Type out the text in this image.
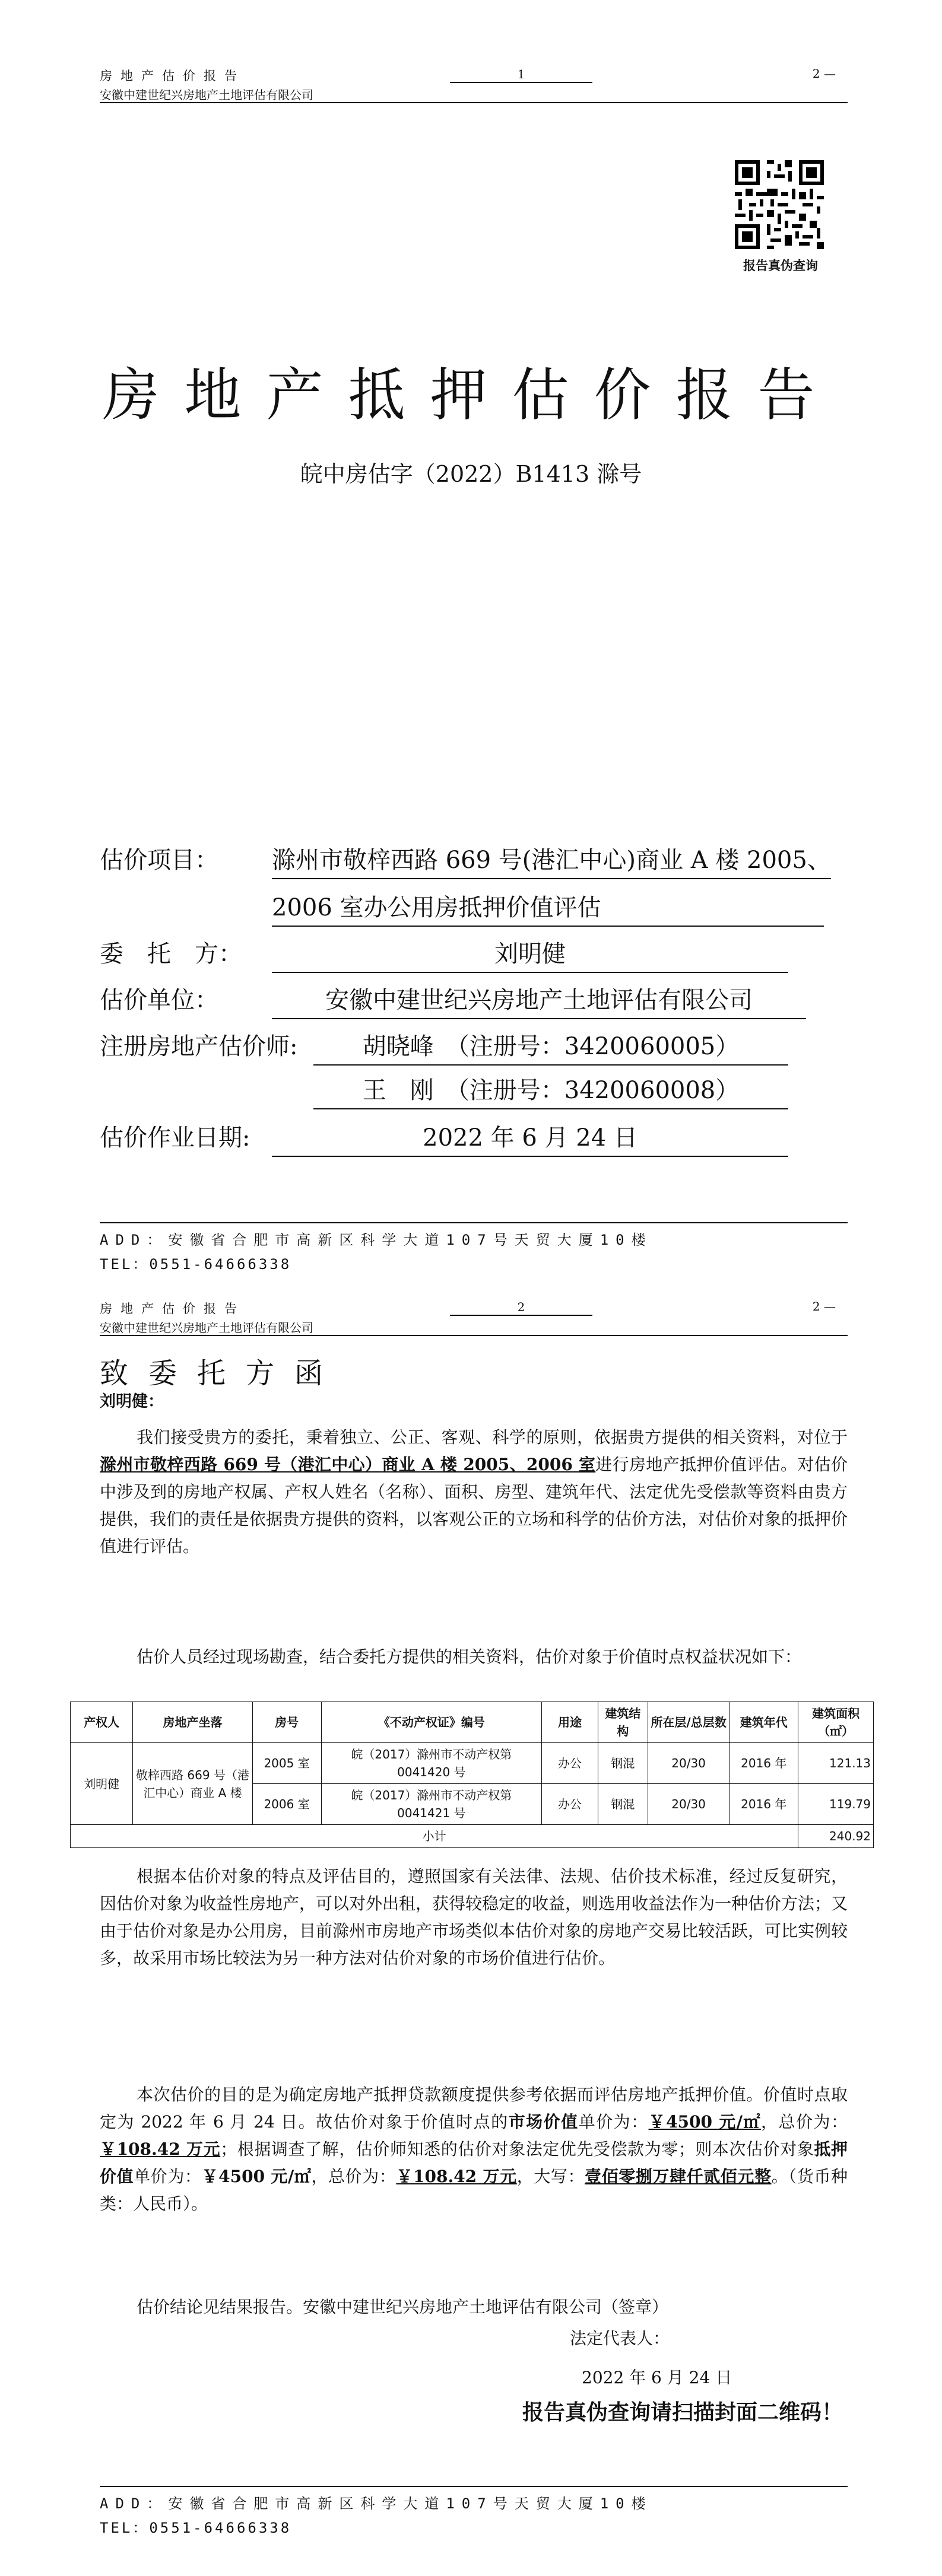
房地产估价报告
安徽中建世纪兴房地产土地评估有限公司
1	2 —
报告真伪查询
房地产抵押估价报告
皖中房估字（2022）B1413 滁号
估价项目： 滁州市敬梓西路 669 号(港汇中心)商业 A 楼 2005、
2006 室办公用房抵押价值评估
委　托　方：	刘明健
估价单位：	安徽中建世纪兴房地产土地评估有限公司
注册房地产估价师:	胡晓峰　（注册号：3420060005）
王　刚　（注册号：3420060008）
估价作业日期:	2022 年 6 月 24 日
ADD：安徽省合肥市高新区科学大道107号天贸大厦10楼
TEL：0551-64666338
房地产估价报告
安徽中建世纪兴房地产土地评估有限公司
2	2 —
致委托方函
刘明健：
我们接受贵方的委托，秉着独立、公正、客观、科学的原则，依据贵方提供的相关资料，对位于滁州市敬梓西路 669 号（港汇中心）商业 A 楼 2005、2006 室进行房地产抵押价值评估。对估价中涉及到的房地产权属、产权人姓名（名称）、面积、房型、建筑年代、法定优先受偿款等资料由贵方提供，我们的责任是依据贵方提供的资料，以客观公正的立场和科学的估价方法，对估价对象的抵押价值进行评估。
估价人员经过现场勘查，结合委托方提供的相关资料，估价对象于价值时点权益状况如下：
产权人	房地产坐落	房号	《不动产权证》编号	用途	建筑结构	所在层/总层数	建筑年代	建筑面积（㎡）
刘明健	敬梓西路 669 号（港汇中心）商业 A 楼	2005 室	皖（2017）滁州市不动产权第 0041420 号	办公	钢混	20/30	2016 年	121.13
		2006 室	皖（2017）滁州市不动产权第 0041421 号	办公	钢混	20/30	2016 年	119.79
小计								240.92
根据本估价对象的特点及评估目的，遵照国家有关法律、法规、估价技术标准，经过反复研究，因估价对象为收益性房地产，可以对外出租，获得较稳定的收益，则选用收益法作为一种估价方法；又由于估价对象是办公用房，目前滁州市房地产市场类似本估价对象的房地产交易比较活跃，可比实例较多，故采用市场比较法为另一种方法对估价对象的市场价值进行估价。
本次估价的目的是为确定房地产抵押贷款额度提供参考依据而评估房地产抵押价值。价值时点取定为 2022 年 6 月 24 日。故估价对象于价值时点的市场价值单价为：￥4500 元/㎡，总价为：￥108.42 万元；根据调查了解，估价师知悉的估价对象法定优先受偿款为零；则本次估价对象抵押价值单价为：￥4500 元/㎡，总价为：￥108.42 万元，大写：壹佰零捌万肆仟贰佰元整。（货币种类：人民币）。
估价结论见结果报告。安徽中建世纪兴房地产土地评估有限公司（签章）
法定代表人：
2022 年 6 月 24 日
报告真伪查询请扫描封面二维码！
ADD：安徽省合肥市高新区科学大道107号天贸大厦10楼
TEL：0551-64666338
